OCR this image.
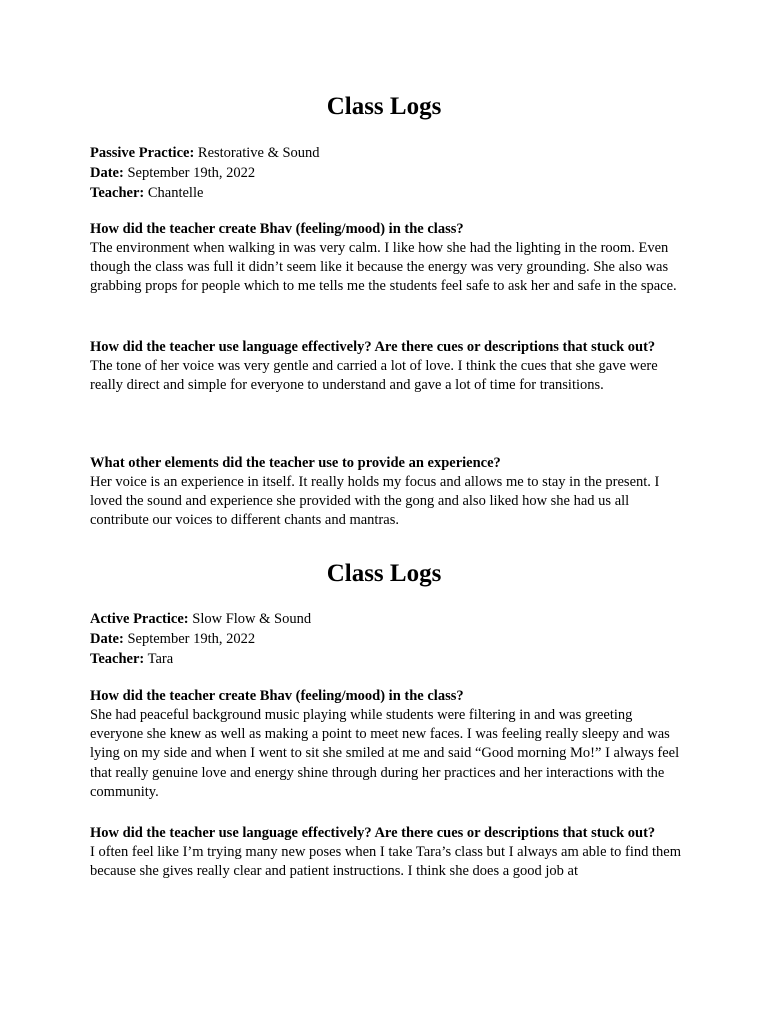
Class Logs

Passive Practice: Restorative & Sound

Date: September 19th, 2022

Teacher: Chantelle

How did the teacher create Bhav (feeling/mood) in the class?

The environment when walking in was very calm. I like how she had the lighting in the room. Even though the class was full it didn’t seem like it because the energy was very grounding. She also was grabbing props for people which to me tells me the students feel safe to ask her and safe in the space.

How did the teacher use language effectively? Are there cues or descriptions that stuck out?

The tone of her voice was very gentle and carried a lot of love. I think the cues that she gave were really direct and simple for everyone to understand and gave a lot of time for transitions.

What other elements did the teacher use to provide an experience?

Her voice is an experience in itself. It really holds my focus and allows me to stay in the present. I loved the sound and experience she provided with the gong and also liked how she had us all contribute our voices to different chants and mantras.

Class Logs

Active Practice: Slow Flow & Sound

Date: September 19th, 2022

Teacher: Tara

How did the teacher create Bhav (feeling/mood) in the class?

She had peaceful background music playing while students were filtering in and was greeting everyone she knew as well as making a point to meet new faces. I was feeling really sleepy and was lying on my side and when I went to sit she smiled at me and said “Good morning Mo!” I always feel that really genuine love and energy shine through during her practices and her interactions with the community.

How did the teacher use language effectively? Are there cues or descriptions that stuck out?

I often feel like I’m trying many new poses when I take Tara’s class but I always am able to find them because she gives really clear and patient instructions. I think she does a good job at
